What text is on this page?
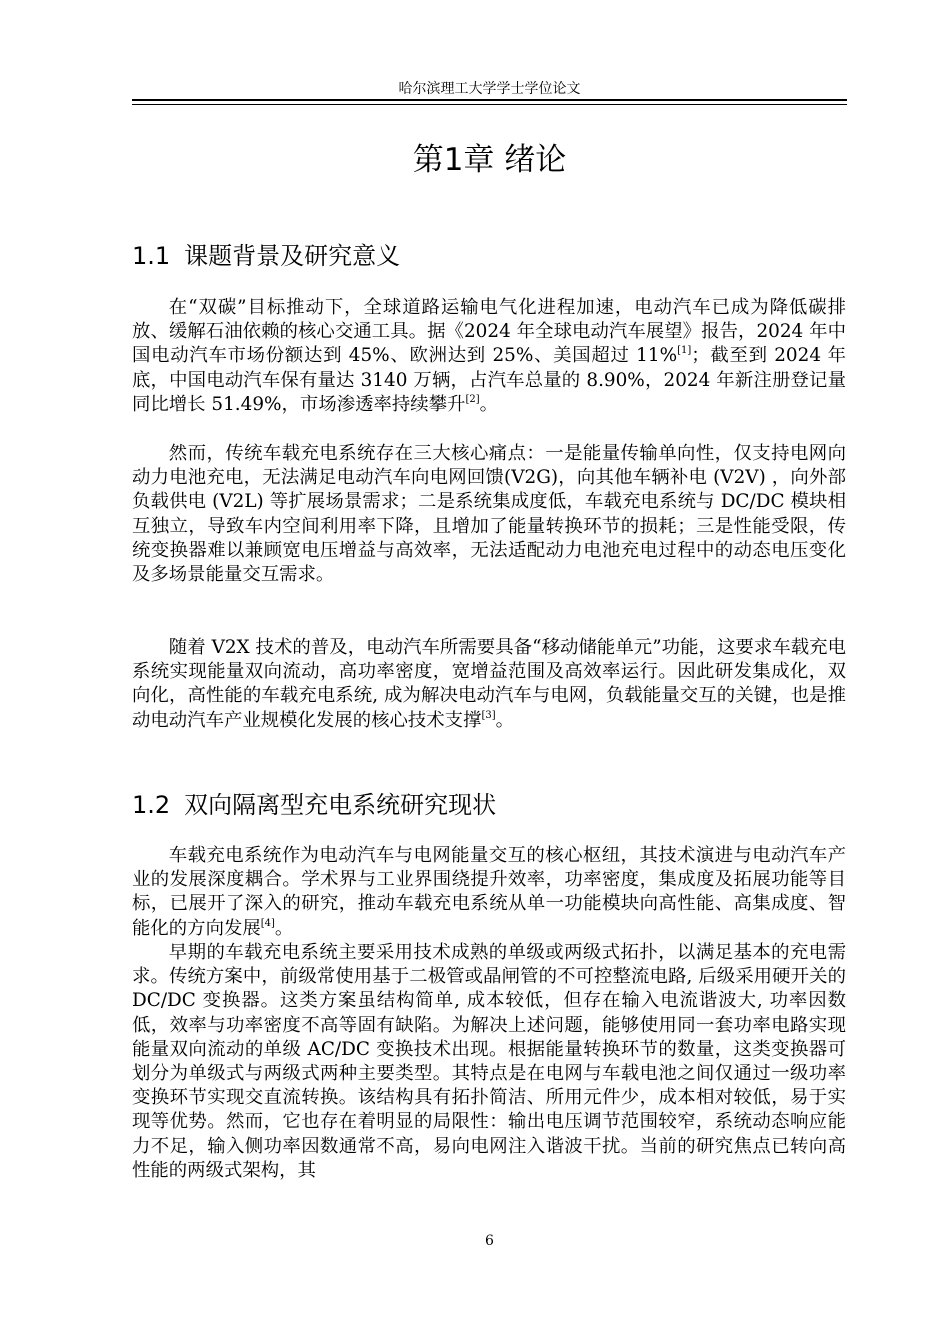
哈尔滨理工大学学士学位论文
第1章 绪论
1.1 课题背景及研究意义

在“双碳”目标推动下，全球道路运输电气化进程加速，电动汽车已成为降低碳排放、缓解石油依赖的核心交通工具。据《2024 年全球电动汽车展望》报告，2024 年中国电动汽车市场份额达到 45%、欧洲达到 25%、美国超过 11%[1]；截至到 2024 年底，中国电动汽车保有量达 3140 万辆，占汽车总量的 8.90%，2024 年新注册登记量同比增长 51.49%，市场渗透率持续攀升[2]。

然而，传统车载充电系统存在三大核心痛点：一是能量传输单向性，仅支持电网向动力电池充电，无法满足电动汽车向电网回馈(V2G)，向其他车辆补电 (V2V) ，向外部负载供电 (V2L) 等扩展场景需求；二是系统集成度低，车载充电系统与 DC/DC 模块相互独立，导致车内空间利用率下降，且增加了能量转换环节的损耗；三是性能受限，传统变换器难以兼顾宽电压增益与高效率，无法适配动力电池充电过程中的动态电压变化及多场景能量交互需求。

随着 V2X 技术的普及，电动汽车所需要具备“移动储能单元”功能，这要求车载充电系统实现能量双向流动，高功率密度，宽增益范围及高效率运行。因此研发集成化，双向化，高性能的车载充电系统, 成为解决电动汽车与电网，负载能量交互的关键，也是推动电动汽车产业规模化发展的核心技术支撑[3]。

1.2 双向隔离型充电系统研究现状

车载充电系统作为电动汽车与电网能量交互的核心枢纽，其技术演进与电动汽车产业的发展深度耦合。学术界与工业界围绕提升效率，功率密度，集成度及拓展功能等目标，已展开了深入的研究，推动车载充电系统从单一功能模块向高性能、高集成度、智能化的方向发展[4]。

早期的车载充电系统主要采用技术成熟的单级或两级式拓扑，以满足基本的充电需求。传统方案中，前级常使用基于二极管或晶闸管的不可控整流电路, 后级采用硬开关的 DC/DC 变换器。这类方案虽结构简单, 成本较低，但存在输入电流谐波大, 功率因数低，效率与功率密度不高等固有缺陷。为解决上述问题，能够使用同一套功率电路实现能量双向流动的单级 AC/DC 变换技术出现。根据能量转换环节的数量，这类变换器可划分为单级式与两级式两种主要类型。其特点是在电网与车载电池之间仅通过一级功率变换环节实现交直流转换。该结构具有拓扑简洁、所用元件少，成本相对较低，易于实现等优势。然而，它也存在着明显的局限性：输出电压调节范围较窄，系统动态响应能力不足，输入侧功率因数通常不高，易向电网注入谐波干扰。当前的研究焦点已转向高性能的两级式架构，其

6
